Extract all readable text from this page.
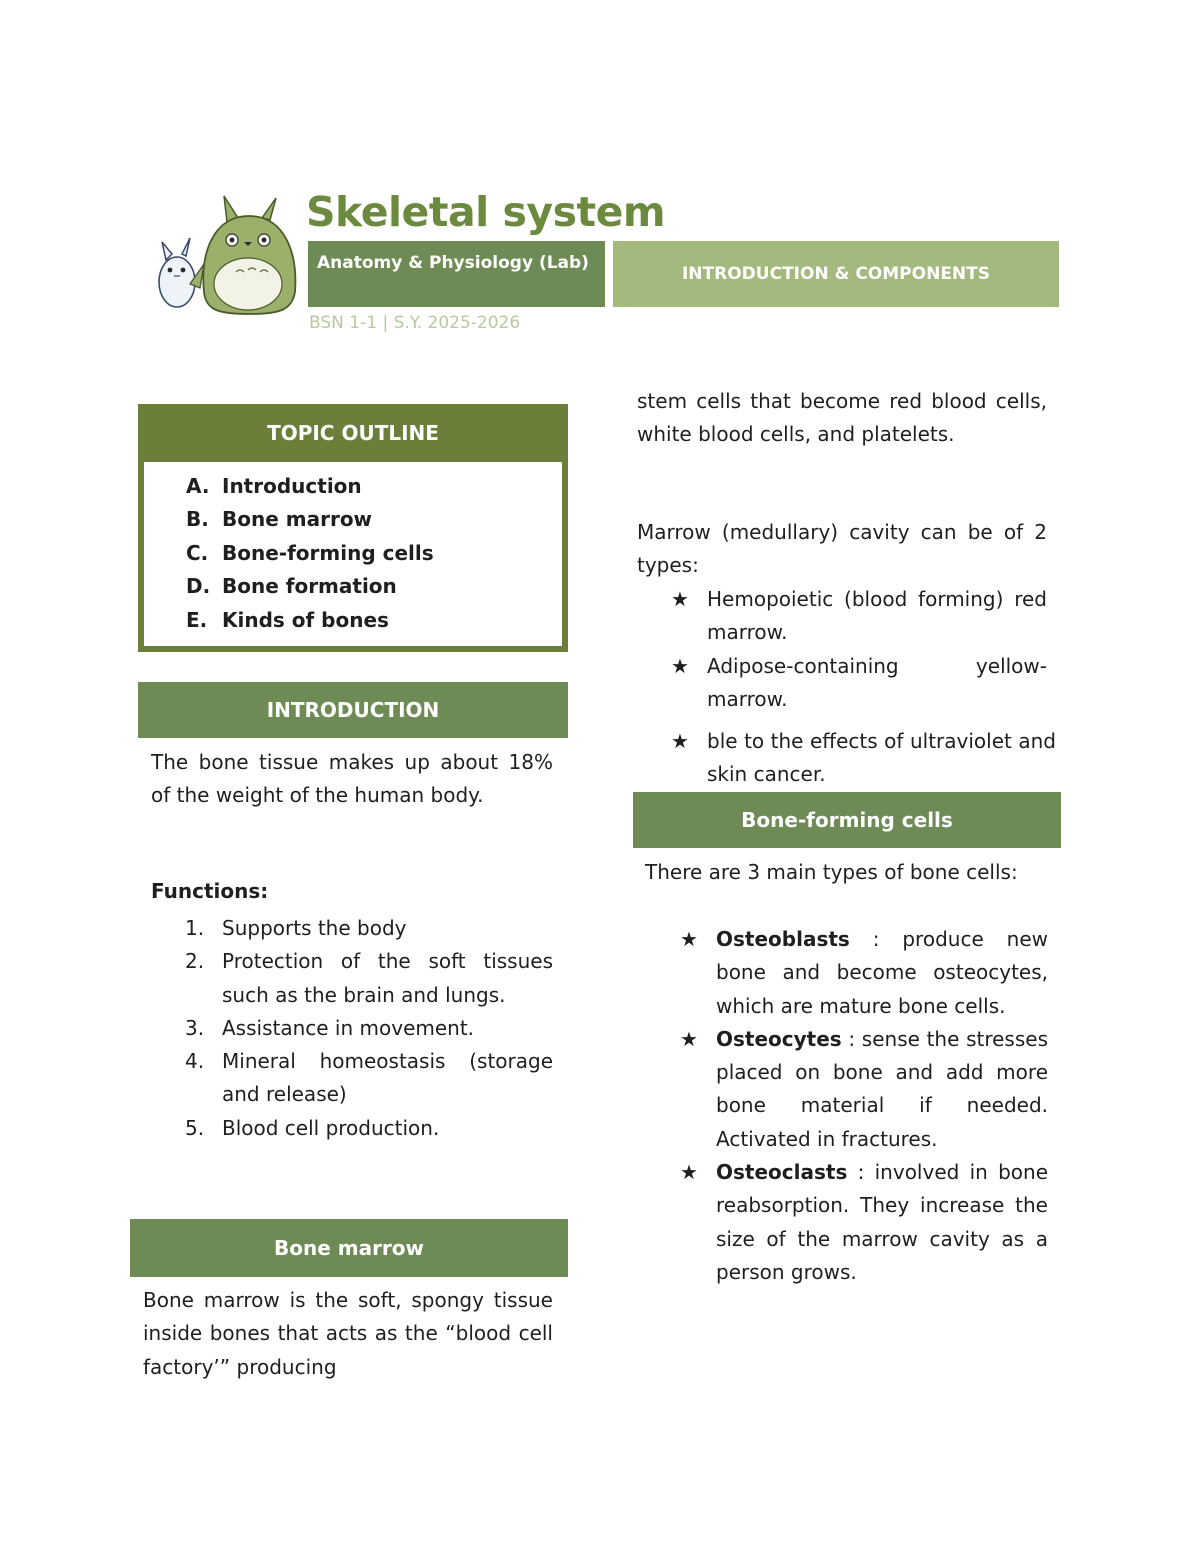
Skeletal system
Anatomy & Physiology (Lab)
INTRODUCTION & COMPONENTS
BSN 1-1 | S.Y. 2025-2026
TOPIC OUTLINE
A. Introduction
B. Bone marrow
C. Bone-forming cells
D. Bone formation
E. Kinds of bones
INTRODUCTION

The bone tissue makes up about 18% of the weight of the human body.

Functions:
1. Supports the body
2. Protection of the soft tissues such as the brain and lungs.
3. Assistance in movement.
4. Mineral homeostasis (storage and release)
5. Blood cell production.
Bone marrow

Bone marrow is the soft, spongy tissue inside bones that acts as the “blood cell factory’” producing

stem cells that become red blood cells, white blood cells, and platelets.

Marrow (medullary) cavity can be of 2 types:

★ Hemopoietic (blood forming) red marrow.
★ Adipose-containing yellow-marrow.
★ ble to the effects of ultraviolet and skin cancer.
Bone-forming cells

There are 3 main types of bone cells:

★ Osteoblasts : produce new bone and become osteocytes, which are mature bone cells.
★ Osteocytes : sense the stresses placed on bone and add more bone material if needed. Activated in fractures.
★ Osteoclasts : involved in bone reabsorption. They increase the size of the marrow cavity as a person grows.
